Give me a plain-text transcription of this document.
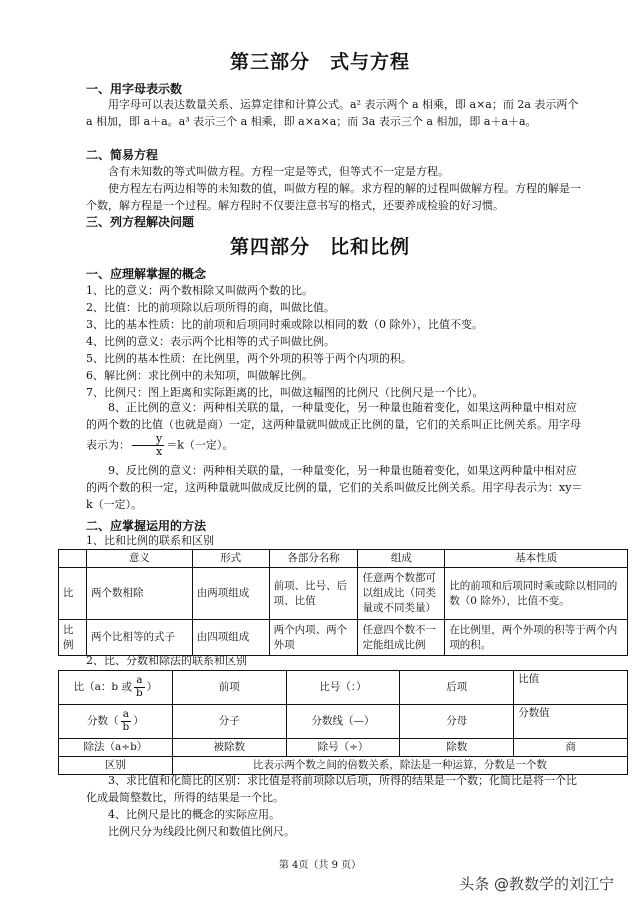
第三部分　式与方程
一、用字母表示数
用字母可以表达数量关系、运算定律和计算公式。a² 表示两个 a 相乘，即 a×a；而 2a 表示两个 a 相加，即 a＋a。a³ 表示三个 a 相乘，即 a×a×a；而 3a 表示三个 a 相加，即 a＋a＋a。
二、简易方程
含有未知数的等式叫做方程。方程一定是等式，但等式不一定是方程。
使方程左右两边相等的未知数的值，叫做方程的解。求方程的解的过程叫做解方程。方程的解是一个数，解方程是一个过程。解方程时不仅要注意书写的格式，还要养成检验的好习惯。
三、列方程解决问题
第四部分　比和比例
一、应理解掌握的概念
1、比的意义：两个数相除又叫做两个数的比。
2、比值：比的前项除以后项所得的商，叫做比值。
3、比的基本性质：比的前项和后项同时乘或除以相同的数（0 除外），比值不变。
4、比例的意义：表示两个比相等的式子叫做比例。
5、比例的基本性质：在比例里，两个外项的积等于两个内项的积。
6、解比例：求比例中的未知项，叫做解比例。
7、比例尺：图上距离和实际距离的比，叫做这幅图的比例尺（比例尺是一个比）。
8、正比例的意义：两种相关联的量，一种量变化，另一种量也随着变化，如果这两种量中相对应的两个数的比值（也就是商）一定，这两种量就叫做成正比例的量，它们的关系叫正比例关系。用字母表示为： $\frac{y}{x} =k$（一定）。
9、反比例的意义：两种相关联的量，一种量变化，另一种量也随着变化，如果这两种量中相对应的两个数的积一定，这两种量就叫做成反比例的量，它们的关系叫做反比例关系。用字母表示为：xy＝k（一定）。
二、应掌握运用的方法
1、比和比例的联系和区别
	意义	形式	各部分名称	组成	基本性质
比	两个数相除	由两项组成	前项、比号、后项、比值	任意两个数都可以组成比（同类量或不同类量）	比的前项和后项同时乘或除以相同的数（0 除外），比值不变。
比例	两个比相等的式子	由四项组成	两个内项、两个外项	任意四个数不一定能组成比例	在比例里，两个外项的积等于两个内项的积。
2、比、分数和除法的联系和区别
比（a：b 或 $\frac{a}{b}$ ）	前项	比号（：）	后项	比值
分数（ $\frac{a}{b}$ ）	分子	分数线（—）	分母	分数值
除法（a÷b）	被除数	除号（÷）	除数	商
区别	比表示两个数之间的倍数关系，除法是一种运算，分数是一个数			
3、求比值和化简比的区别：求比值是将前项除以后项，所得的结果是一个数；化简比是将一个比化成最简整数比，所得的结果是一个比。
4、比例尺是比的概念的实际应用。
比例尺分为线段比例尺和数值比例尺。
第 4页（共 9 页）
头条 @教数学的刘江宁
